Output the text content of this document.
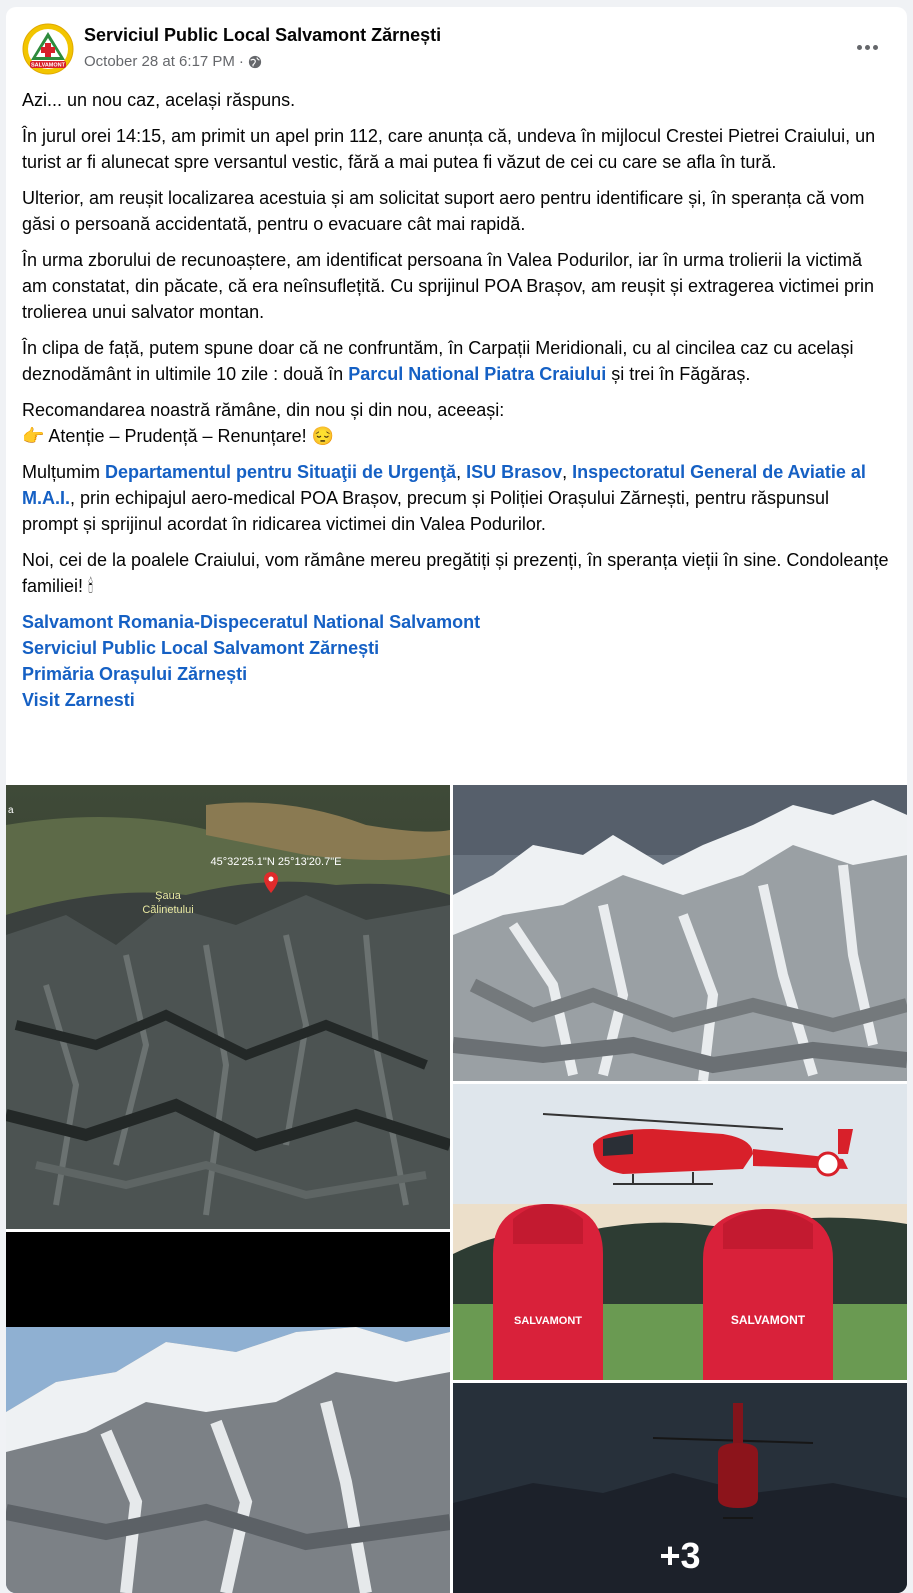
SALVAMONT
Serviciul Public Local Salvamont Zărnești
October 28 at 6:17 PM ·

Azi... un nou caz, același răspuns.

În jurul orei 14:15, am primit un apel prin 112, care anunța că, undeva în mijlocul Crestei Pietrei Craiului, un turist ar fi alunecat spre versantul vestic, fără a mai putea fi văzut de cei cu care se afla în tură.

Ulterior, am reușit localizarea acestuia și am solicitat suport aero pentru identificare și, în speranța că vom găsi o persoană accidentată, pentru o evacuare cât mai rapidă.

În urma zborului de recunoaștere, am identificat persoana în Valea Podurilor, iar în urma trolierii la victimă am constatat, din păcate, că era neînsuflețită. Cu sprijinul POA Brașov, am reușit și extragerea victimei prin trolierea unui salvator montan.

În clipa de față, putem spune doar că ne confruntăm, în Carpații Meridionali, cu al cincilea caz cu același deznodământ in ultimile 10 zile : două în Parcul National Piatra Craiului și trei în Făgăraș.

Recomandarea noastră rămâne, din nou și din nou, aceeași:
👉 Atenție – Prudență – Renunțare! 😔

Mulțumim Departamentul pentru Situaţii de Urgenţă, ISU Brasov, Inspectoratul General de Aviatie al M.A.I., prin echipajul aero-medical POA Brașov, precum și Poliției Orașului Zărnești, pentru răspunsul prompt și sprijinul acordat în ridicarea victimei din Valea Podurilor.

Noi, cei de la poalele Craiului, vom rămâne mereu pregătiți și prezenți, în speranța vieții în sine. Condoleanțe familiei! 🕯

Salvamont Romania-Dispeceratul National Salvamont
Serviciul Public Local Salvamont Zărnești
Primăria Orașului Zărnești
Visit Zarnesti
45°32'25.1"N 25°13'20.7"E
Şaua
Călinetului
a
SALVAMONT	SALVAMONT
+3
